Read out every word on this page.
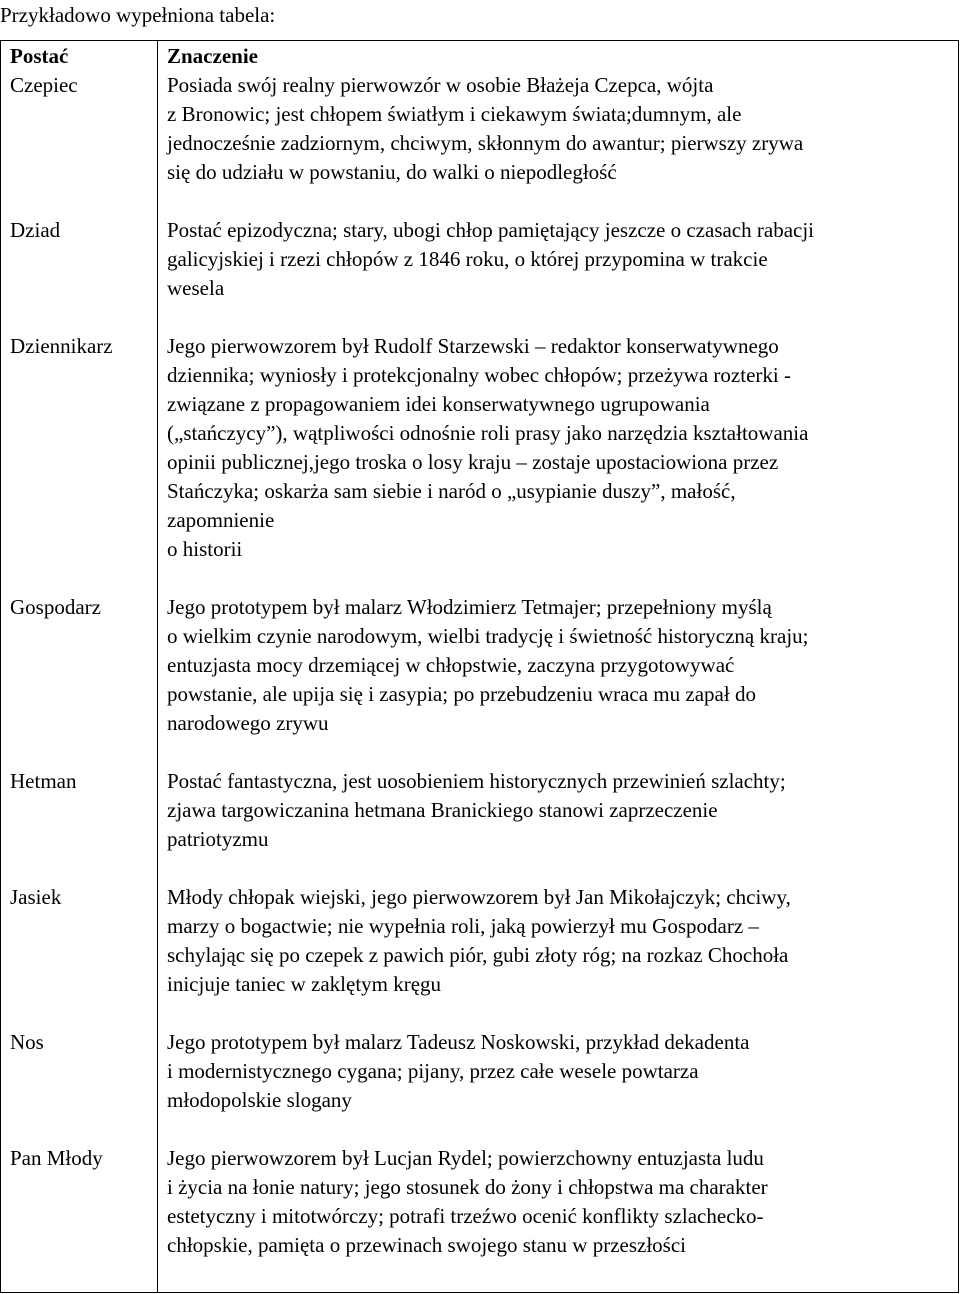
Przykładowo wypełniona tabela:
Postać	Znaczenie
Czepiec	Posiada swój realny pierwowzór w osobie Błażeja Czepca, wójta
z Bronowic; jest chłopem światłym i ciekawym świata;dumnym, ale
jednocześnie zadziornym, chciwym, skłonnym do awantur; pierwszy zrywa
się do udziału w powstaniu, do walki o niepodległość
Dziad	Postać epizodyczna; stary, ubogi chłop pamiętający jeszcze o czasach rabacji
galicyjskiej i rzezi chłopów z 1846 roku, o której przypomina w trakcie
wesela
Dziennikarz	Jego pierwowzorem był Rudolf Starzewski – redaktor konserwatywnego
dziennika; wyniosły i protekcjonalny wobec chłopów; przeżywa rozterki -
związane z propagowaniem idei konserwatywnego ugrupowania
(„stańczycy”), wątpliwości odnośnie roli prasy jako narzędzia kształtowania
opinii publicznej,jego troska o losy kraju – zostaje upostaciowiona przez
Stańczyka; oskarża sam siebie i naród o „usypianie duszy”, małość,
zapomnienie
o historii
Gospodarz	Jego prototypem był malarz Włodzimierz Tetmajer; przepełniony myślą
o wielkim czynie narodowym, wielbi tradycję i świetność historyczną kraju;
entuzjasta mocy drzemiącej w chłopstwie, zaczyna przygotowywać
powstanie, ale upija się i zasypia; po przebudzeniu wraca mu zapał do
narodowego zrywu
Hetman	Postać fantastyczna, jest uosobieniem historycznych przewinień szlachty;
zjawa targowiczanina hetmana Branickiego stanowi zaprzeczenie
patriotyzmu
Jasiek	Młody chłopak wiejski, jego pierwowzorem był Jan Mikołajczyk; chciwy,
marzy o bogactwie; nie wypełnia roli, jaką powierzył mu Gospodarz –
schylając się po czepek z pawich piór, gubi złoty róg; na rozkaz Chochoła
inicjuje taniec w zaklętym kręgu
Nos	Jego prototypem był malarz Tadeusz Noskowski, przykład dekadenta
i modernistycznego cygana; pijany, przez całe wesele powtarza
młodopolskie slogany
Pan Młody	Jego pierwowzorem był Lucjan Rydel; powierzchowny entuzjasta ludu
i życia na łonie natury; jego stosunek do żony i chłopstwa ma charakter
estetyczny i mitotwórczy; potrafi trzeźwo ocenić konflikty szlachecko-
chłopskie, pamięta o przewinach swojego stanu w przeszłości
